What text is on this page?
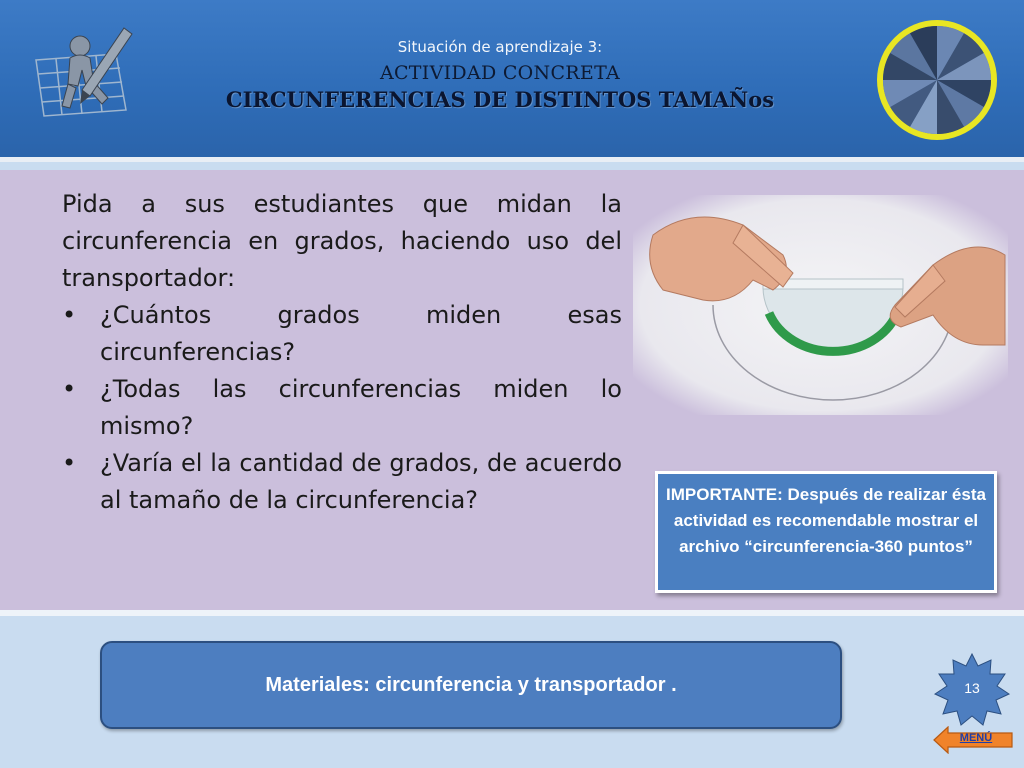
Situación de aprendizaje 3:
ACTIVIDAD CONCRETA
CIRCUNFERENCIAS DE DISTINTOS TAMAÑos

Pida a sus estudiantes que midan la circunferencia en grados, haciendo uso del transportador:

• ¿Cuántos grados miden esas circunferencias?
• ¿Todas las circunferencias miden lo mismo?
• ¿Varía el la cantidad de grados, de acuerdo al tamaño de la circunferencia?	IMPORTANTE: Después de realizar ésta actividad es recomendable mostrar el archivo “circunferencia-360 puntos”
Materiales: circunferencia y transportador .	13
MENÚ
